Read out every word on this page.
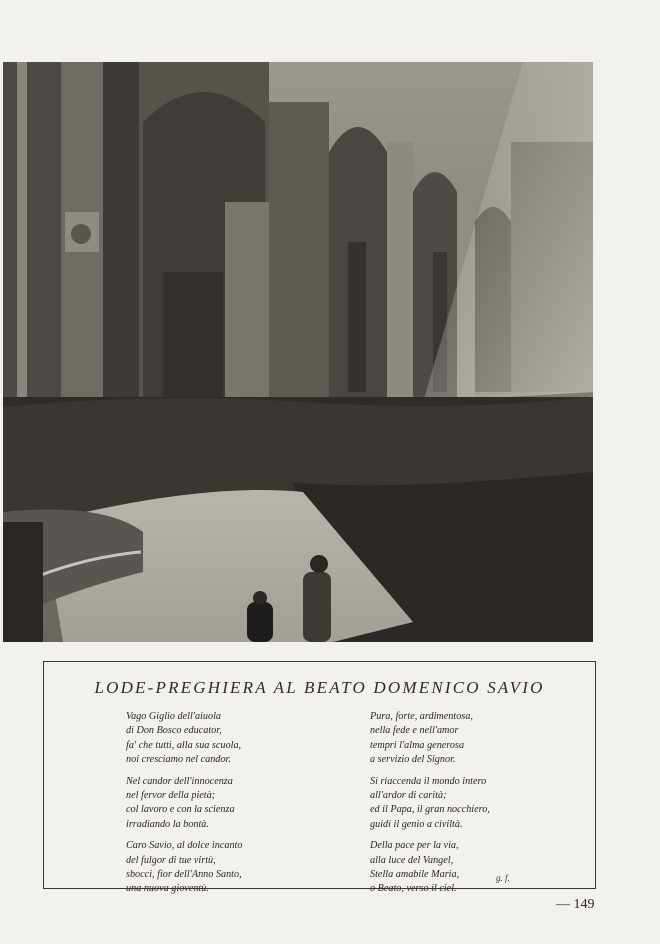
LODE-PREGHIERA AL BEATO DOMENICO SAVIO
Vago Giglio dell'aiuola
di Don Bosco educator,
fa' che tutti, alla sua scuola,
noi cresciamo nel candor.
Nel candor dell'innocenza
nel fervor della pietà;
col lavoro e con la scienza
irradiando la bontà.
Caro Savio, al dolce incanto
del fulgor di tue virtù,
sbocci, fior dell'Anno Santo,
una nuova gioventù.
Pura, forte, ardimentosa,
nella fede e nell'amor
tempri l'alma generosa
a servizio del Signor.
Si riaccenda il mondo intero
all'ardor di carità;
ed il Papa, il gran nocchiero,
guidi il genio a civiltà.
Della pace per la via,
alla luce del Vangel,
Stella amabile Maria,
o Beato, verso il ciel.
g. f.
— 149
